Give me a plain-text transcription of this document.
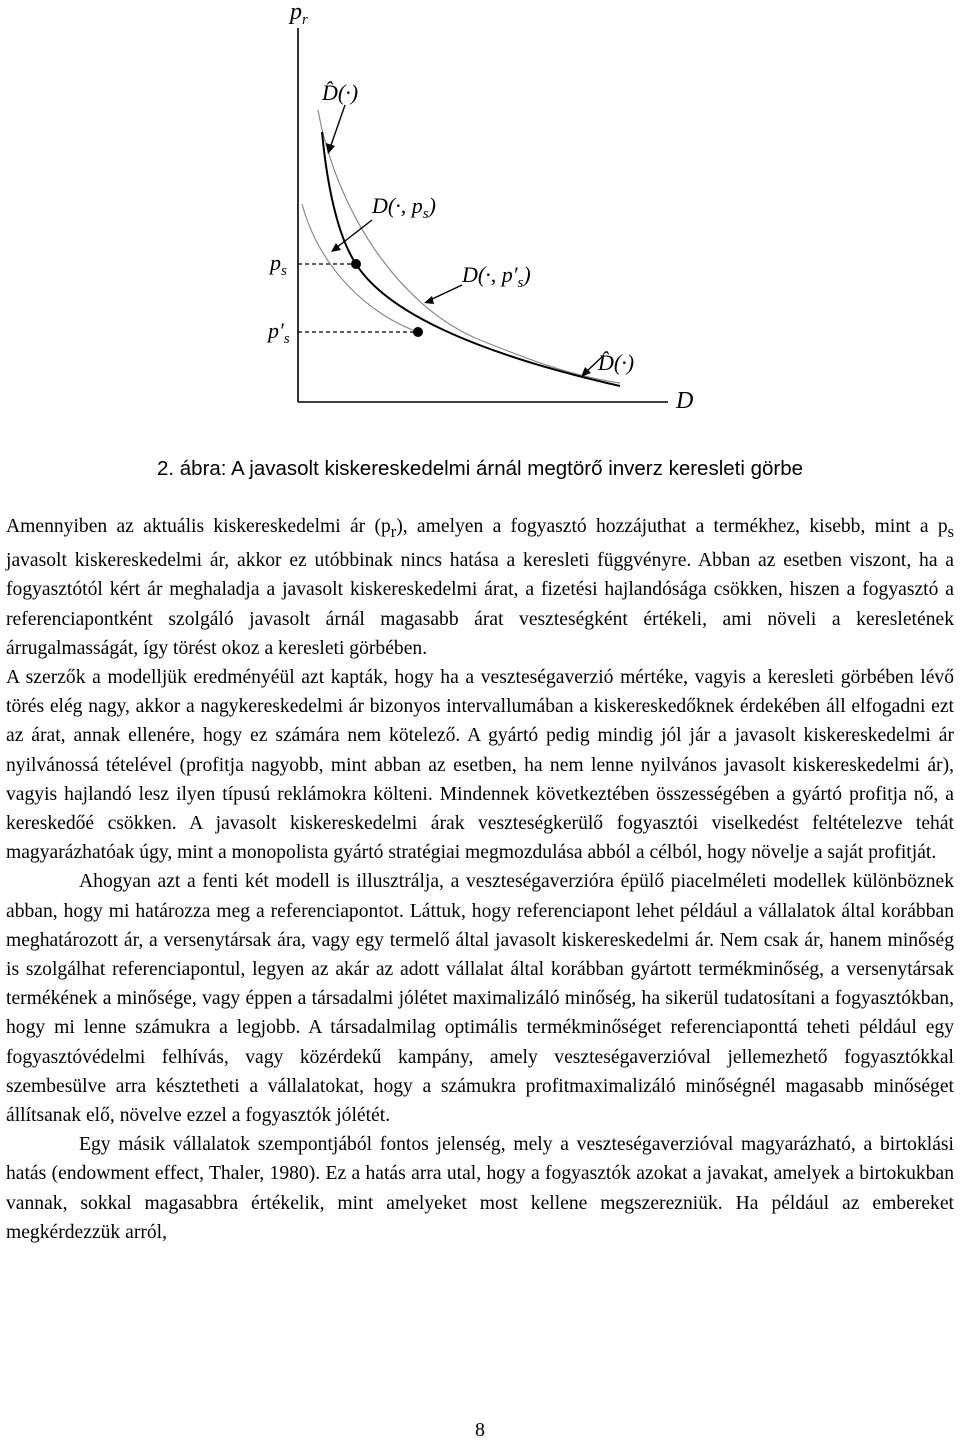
$p_r$
D̂(·)
D(·, $p_s$)
$p_s$
$p'_s$
D(·, $p'_s$)
D̂(·)
D

2. ábra: A javasolt kiskereskedelmi árnál megtörő inverz keresleti görbe

Amennyiben az aktuális kiskereskedelmi ár $(p_r)$, amelyen a fogyasztó hozzájuthat a termékhez, kisebb, mint a $p_s$ javasolt kiskereskedelmi ár, akkor ez utóbbinak nincs hatása a keresleti függvényre. Abban az esetben viszont, ha a fogyasztótól kért ár meghaladja a javasolt kiskereskedelmi árat, a fizetési hajlandósága csökken, hiszen a fogyasztó a referenciapontként szolgáló javasolt árnál magasabb árat veszteségként értékeli, ami növeli a keresletének árrugalmasságát, így törést okoz a keresleti görbében.

A szerzők a modelljük eredményéül azt kapták, hogy ha a veszteségaverzió mértéke, vagyis a keresleti görbében lévő törés elég nagy, akkor a nagykereskedelmi ár bizonyos intervallumában a kiskereskedőknek érdekében áll elfogadni ezt az árat, annak ellenére, hogy ez számára nem kötelező. A gyártó pedig mindig jól jár a javasolt kiskereskedelmi ár nyilvánossá tételével (profitja nagyobb, mint abban az esetben, ha nem lenne nyilvános javasolt kiskereskedelmi ár), vagyis hajlandó lesz ilyen típusú reklámokra költeni. Mindennek következtében összességében a gyártó profitja nő, a kereskedőé csökken. A javasolt kiskereskedelmi árak veszteségkerülő fogyasztói viselkedést feltételezve tehát magyarázhatóak úgy, mint a monopolista gyártó stratégiai megmozdulása abból a célból, hogy növelje a saját profitját.

Ahogyan azt a fenti két modell is illusztrálja, a veszteségaverzióra épülő piacelméleti modellek különböznek abban, hogy mi határozza meg a referenciapontot. Láttuk, hogy referenciapont lehet például a vállalatok által korábban meghatározott ár, a versenytársak ára, vagy egy termelő által javasolt kiskereskedelmi ár. Nem csak ár, hanem minőség is szolgálhat referenciapontul, legyen az akár az adott vállalat által korábban gyártott termékminőség, a versenytársak termékének a minősége, vagy éppen a társadalmi jólétet maximalizáló minőség, ha sikerül tudatosítani a fogyasztókban, hogy mi lenne számukra a legjobb. A társadalmilag optimális termékminőséget referenciaponttá teheti például egy fogyasztóvédelmi felhívás, vagy közérdekű kampány, amely veszteségaverzióval jellemezhető fogyasztókkal szembesülve arra késztetheti a vállalatokat, hogy a számukra profitmaximalizáló minőségnél magasabb minőséget állítsanak elő, növelve ezzel a fogyasztók jólétét.

Egy másik vállalatok szempontjából fontos jelenség, mely a veszteségaverzióval magyarázható, a birtoklási hatás (endowment effect, Thaler, 1980). Ez a hatás arra utal, hogy a fogyasztók azokat a javakat, amelyek a birtokukban vannak, sokkal magasabbra értékelik, mint amelyeket most kellene megszerezniük. Ha például az embereket megkérdezzük arról,

8
